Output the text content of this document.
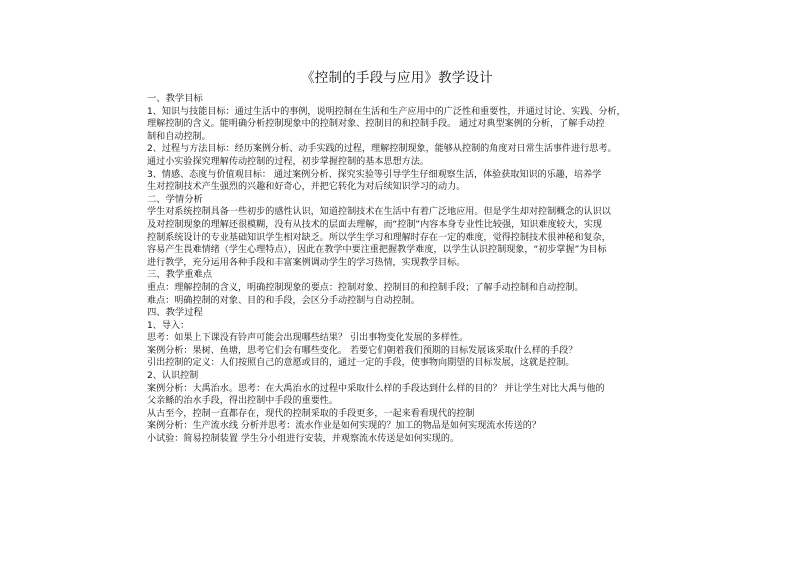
《控制的手段与应用》教学设计
一、教学目标
1、知识与技能目标：通过生活中的事例，说明控制在生活和生产应用中的广泛性和重要性，并通过讨论、实践、分析，
理解控制的含义。能明确分析控制现象中的控制对象、控制目的和控制手段。 通过对典型案例的分析，了解手动控
制和自动控制。
2、过程与方法目标：经历案例分析、动手实践的过程，理解控制现象，能够从控制的角度对日常生活事件进行思考。
通过小实验探究理解传动控制的过程，初步掌握控制的基本思想方法。
3、情感、态度与价值观目标： 通过案例分析、探究实验等引导学生仔细观察生活，体验获取知识的乐趣，培养学
生对控制技术产生强烈的兴趣和好奇心，并把它转化为对后续知识学习的动力。
二、学情分析
学生对系统控制具备一些初步的感性认识，知道控制技术在生活中有着广泛地应用。但是学生却对控制概念的认识以
及对控制现象的理解还很模糊，没有从技术的层面去理解，而“控制”内容本身专业性比较强，知识难度较大，实现
控制系统设计的专业基础知识学生相对缺乏。所以学生学习和理解时存在一定的难度，觉得控制技术很神秘和复杂，
容易产生畏难情绪（学生心理特点），因此在教学中要注重把握教学难度，以学生认识控制现象，“初步掌握”为目标
进行教学，充分运用各种手段和丰富案例调动学生的学习热情，实现教学目标。
三、教学重难点
重点：理解控制的含义，明确控制现象的要点：控制对象、控制目的和控制手段；了解手动控制和自动控制。
难点：明确控制的对象、目的和手段，会区分手动控制与自动控制。
四、教学过程
1、导入：
思考：如果上下课没有铃声可能会出现哪些结果？ 引出事物变化发展的多样性。
案例分析：果树、鱼塘，思考它们会有哪些变化。 若要它们朝着我们预期的目标发展该采取什么样的手段？
引出控制的定义：人们按照自己的意愿或目的，通过一定的手段，使事物向期望的目标发展，这就是控制。
2、认识控制
案例分析：大禹治水。思考：在大禹治水的过程中采取什么样的手段达到什么样的目的？ 并让学生对比大禹与他的
父亲鲧的治水手段，得出控制中手段的重要性。
从古至今，控制一直都存在，现代的控制采取的手段更多，一起来看看现代的控制
案例分析：生产流水线 分析并思考：流水作业是如何实现的？加工的物品是如何实现流水传送的？
小试验：简易控制装置 学生分小组进行安装，并观察流水传送是如何实现的。
